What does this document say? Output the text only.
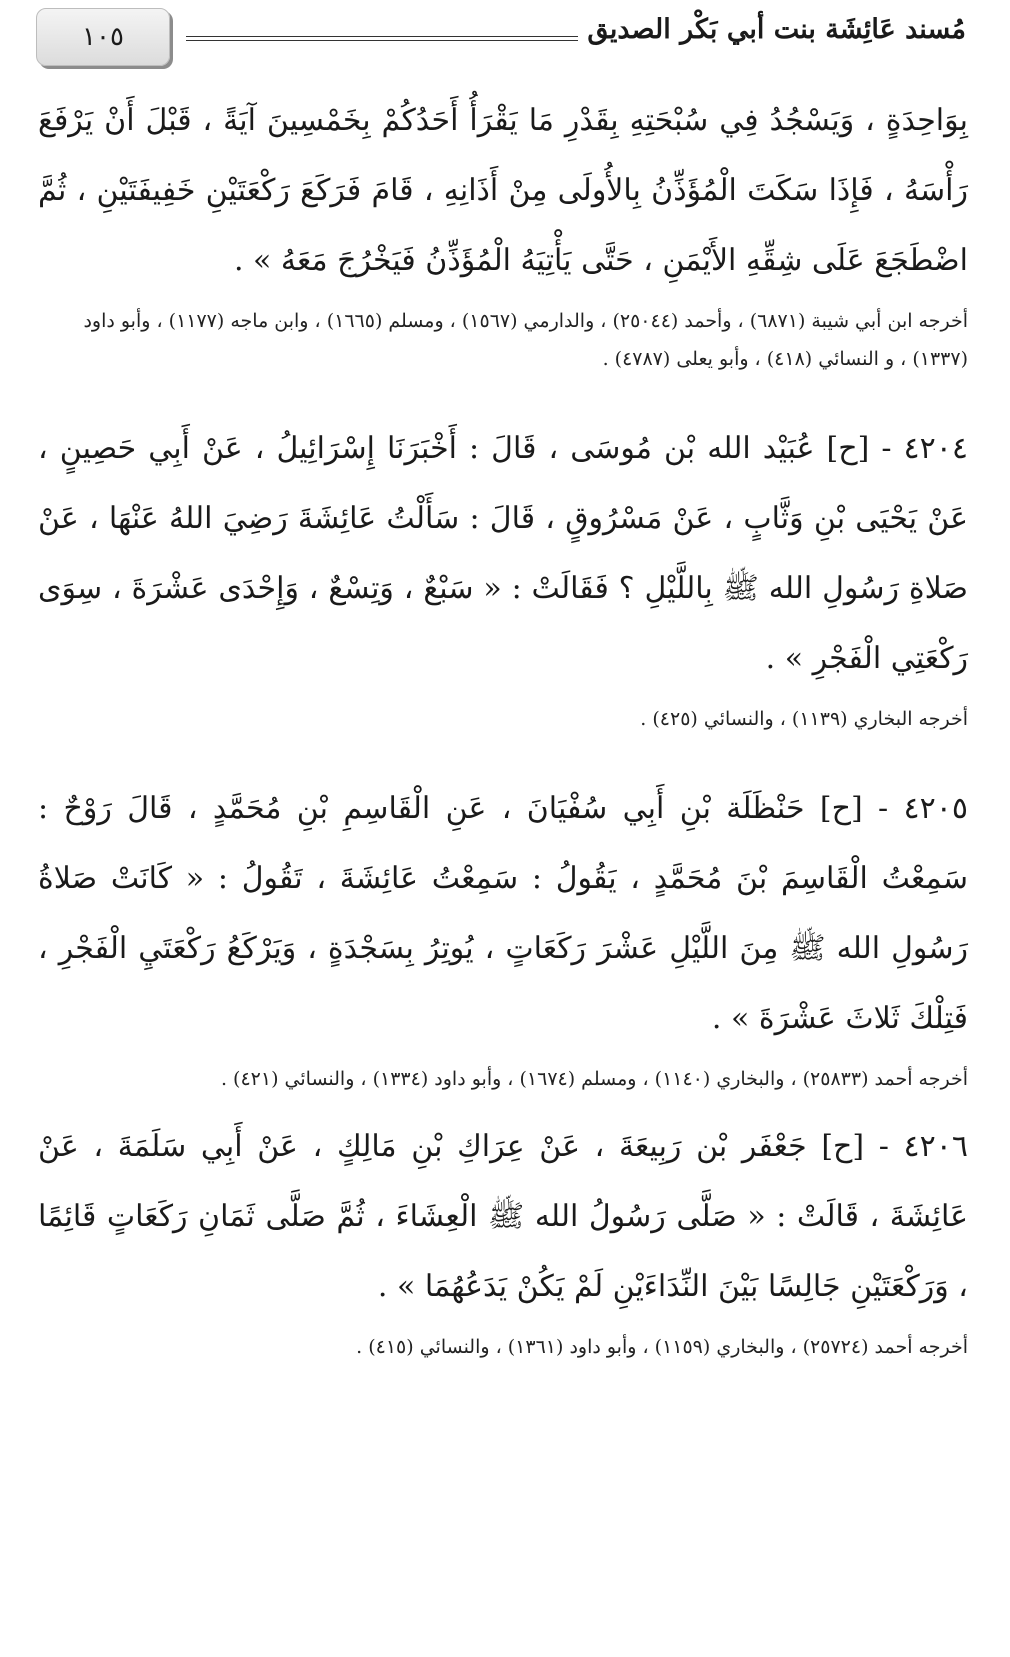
١٠٥	مُسند عَائِشَة بنت أبي بَكْر الصديق

بِوَاحِدَةٍ ، وَيَسْجُدُ فِي سُبْحَتِهِ بِقَدْرِ مَا يَقْرَأُ أَحَدُكُمْ بِخَمْسِينَ آيَةً ، قَبْلَ أَنْ يَرْفَعَ رَأْسَهُ ، فَإِذَا سَكَتَ الْمُؤَذِّنُ بِالأُولَى مِنْ أَذَانِهِ ، قَامَ فَرَكَعَ رَكْعَتَيْنِ خَفِيفَتَيْنِ ، ثُمَّ اضْطَجَعَ عَلَى شِقِّهِ الأَيْمَنِ ، حَتَّى يَأْتِيَهُ الْمُؤَذِّنُ فَيَخْرُجَ مَعَهُ » .

أخرجه ابن أبي شيبة (٦٨٧١) ، وأحمد (٢٥٠٤٤) ، والدارمي (١٥٦٧) ، ومسلم (١٦٦٥) ، وابن ماجه (١١٧٧) ، وأبو داود (١٣٣٧) ، و النسائي (٤١٨) ، وأبو يعلى (٤٧٨٧) .

٤٢٠٤ - [ح] عُبَيْد الله بْن مُوسَى ، قَالَ : أَخْبَرَنَا إِسْرَائِيلُ ، عَنْ أَبِي حَصِينٍ ، عَنْ يَحْيَى بْنِ وَثَّابٍ ، عَنْ مَسْرُوقٍ ، قَالَ : سَأَلْتُ عَائِشَةَ رَضِيَ اللهُ عَنْهَا ، عَنْ صَلاةِ رَسُولِ الله ﷺ بِاللَّيْلِ ؟ فَقَالَتْ : « سَبْعٌ ، وَتِسْعٌ ، وَإِحْدَى عَشْرَةَ ، سِوَى رَكْعَتِي الْفَجْرِ » .

أخرجه البخاري (١١٣٩) ، والنسائي (٤٢٥) .

٤٢٠٥ - [ح] حَنْظَلَة بْنِ أَبِي سُفْيَانَ ، عَنِ الْقَاسِمِ بْنِ مُحَمَّدٍ ، قَالَ رَوْحٌ : سَمِعْتُ الْقَاسِمَ بْنَ مُحَمَّدٍ ، يَقُولُ : سَمِعْتُ عَائِشَةَ ، تَقُولُ : « كَانَتْ صَلاةُ رَسُولِ الله ﷺ مِنَ اللَّيْلِ عَشْرَ رَكَعَاتٍ ، يُوتِرُ بِسَجْدَةٍ ، وَيَرْكَعُ رَكْعَتَيِ الْفَجْرِ ، فَتِلْكَ ثَلاثَ عَشْرَةَ » .

أخرجه أحمد (٢٥٨٣٣) ، والبخاري (١١٤٠) ، ومسلم (١٦٧٤) ، وأبو داود (١٣٣٤) ، والنسائي (٤٢١) .

٤٢٠٦ - [ح] جَعْفَر بْن رَبِيعَةَ ، عَنْ عِرَاكِ بْنِ مَالِكٍ ، عَنْ أَبِي سَلَمَةَ ، عَنْ عَائِشَةَ ، قَالَتْ : « صَلَّى رَسُولُ الله ﷺ الْعِشَاءَ ، ثُمَّ صَلَّى ثَمَانِ رَكَعَاتٍ قَائِمًا ، وَرَكْعَتَيْنِ جَالِسًا بَيْنَ النِّدَاءَيْنِ لَمْ يَكُنْ يَدَعُهُمَا » .

أخرجه أحمد (٢٥٧٢٤) ، والبخاري (١١٥٩) ، وأبو داود (١٣٦١) ، والنسائي (٤١٥) .
